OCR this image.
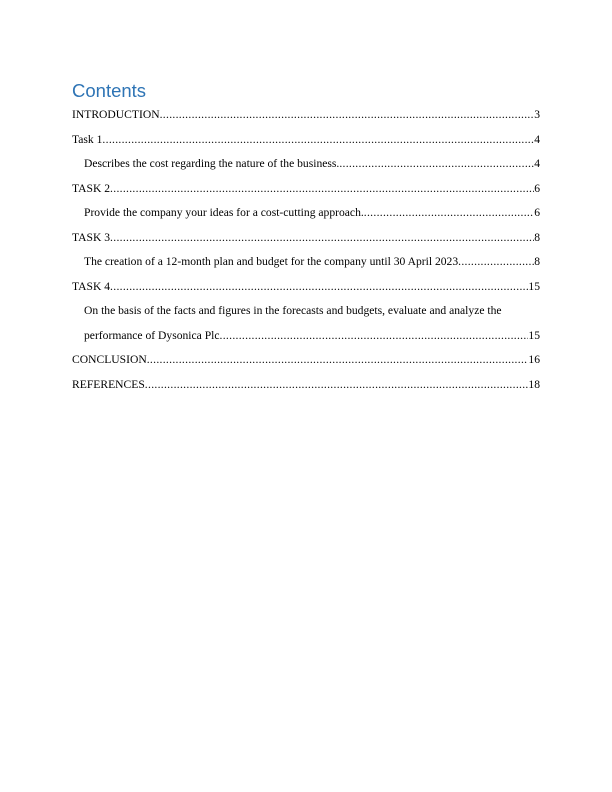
Contents
INTRODUCTION .....	3
Task 1 .....	4
Describes the cost regarding the nature of the business. .....	4
TASK 2 .....	6
Provide the company your ideas for a cost-cutting approach. .....	6
TASK 3 .....	8
The creation of a 12-month plan and budget for the company until 30 April 2023 .....	8
TASK 4 .....	15
On the basis of the facts and figures in the forecasts and budgets, evaluate and analyze the
performance of Dysonica Plc .....	15
CONCLUSION .....	16
REFERENCES .....	18
